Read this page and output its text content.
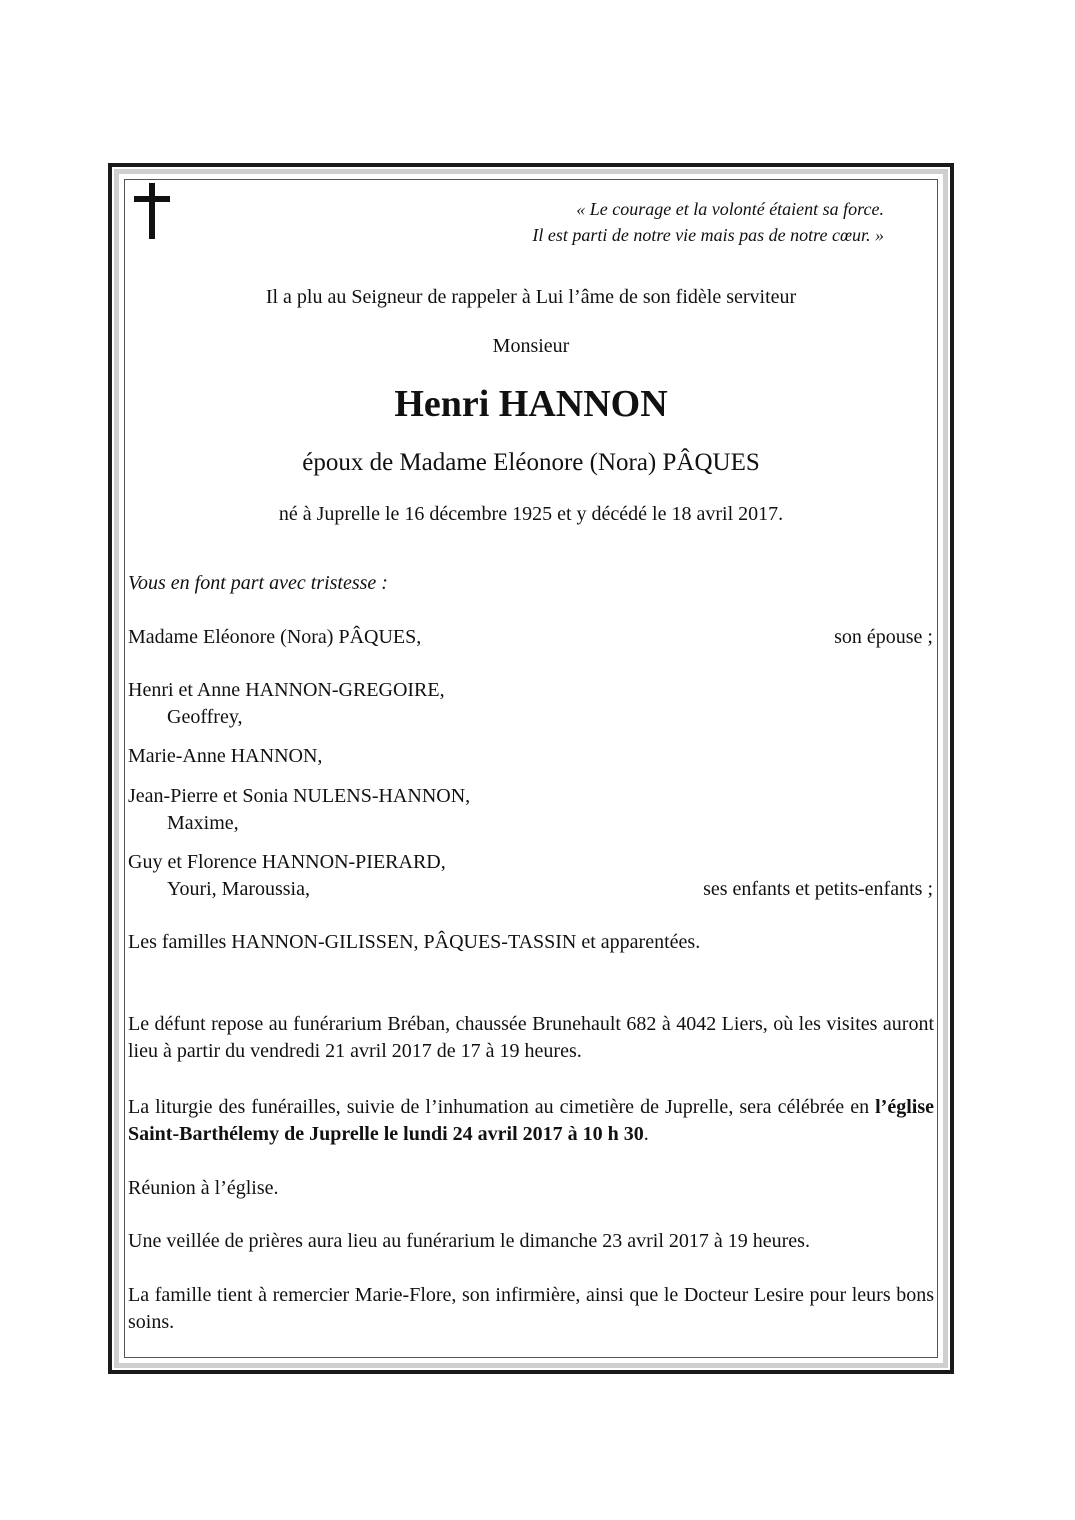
« Le courage et la volonté étaient sa force.

Il est parti de notre vie mais pas de notre cœur. »

Il a plu au Seigneur de rappeler à Lui l’âme de son fidèle serviteur

Monsieur

Henri HANNON

époux de Madame Eléonore (Nora) PÂQUES

né à Juprelle le 16 décembre 1925 et y décédé le 18 avril 2017.

Vous en font part avec tristesse :

Madame Eléonore (Nora) PÂQUES,	son épouse ;

Henri et Anne HANNON-GREGOIRE,

Geoffrey,

Marie-Anne HANNON,

Jean-Pierre et Sonia NULENS-HANNON,

Maxime,

Guy et Florence HANNON-PIERARD,

Youri, Maroussia,	ses enfants et petits-enfants ;

Les familles HANNON-GILISSEN, PÂQUES-TASSIN et apparentées.

Le défunt repose au funérarium Bréban, chaussée Brunehault 682 à 4042 Liers, où les visites auront lieu à partir du vendredi 21 avril 2017 de 17 à 19 heures.

La liturgie des funérailles, suivie de l’inhumation au cimetière de Juprelle, sera célébrée en l’église Saint-Barthélemy de Juprelle le lundi 24 avril 2017 à 10 h 30.

Réunion à l’église.

Une veillée de prières aura lieu au funérarium le dimanche 23 avril 2017 à 19 heures.

La famille tient à remercier Marie-Flore, son infirmière, ainsi que le Docteur Lesire pour leurs bons soins.
